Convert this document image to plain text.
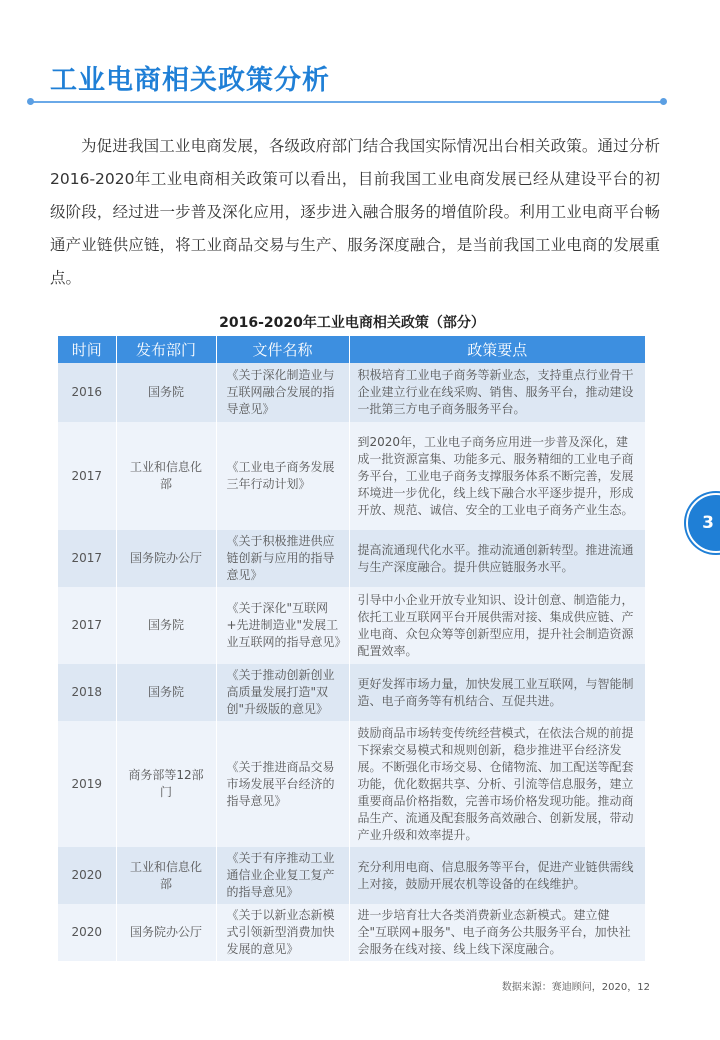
工业电商相关政策分析
为促进我国工业电商发展，各级政府部门结合我国实际情况出台相关政策。通过分析2016-2020年工业电商相关政策可以看出，目前我国工业电商发展已经从建设平台的初级阶段，经过进一步普及深化应用，逐步进入融合服务的增值阶段。利用工业电商平台畅通产业链供应链，将工业商品交易与生产、服务深度融合，是当前我国工业电商的发展重点。
2016-2020年工业电商相关政策（部分）
时间	发布部门	文件名称	政策要点
2016	国务院	《关于深化制造业与互联网融合发展的指导意见》	积极培育工业电子商务等新业态，支持重点行业骨干企业建立行业在线采购、销售、服务平台，推动建设一批第三方电子商务服务平台。
2017	工业和信息化部	《工业电子商务发展三年行动计划》	到2020年，工业电子商务应用进一步普及深化，建成一批资源富集、功能多元、服务精细的工业电子商务平台，工业电子商务支撑服务体系不断完善，发展环境进一步优化，线上线下融合水平逐步提升，形成开放、规范、诚信、安全的工业电子商务产业生态。
2017	国务院办公厅	《关于积极推进供应链创新与应用的指导意见》	提高流通现代化水平。推动流通创新转型。推进流通与生产深度融合。提升供应链服务水平。
2017	国务院	《关于深化"互联网+先进制造业"发展工业互联网的指导意见》	引导中小企业开放专业知识、设计创意、制造能力，依托工业互联网平台开展供需对接、集成供应链、产业电商、众包众筹等创新型应用，提升社会制造资源配置效率。
2018	国务院	《关于推动创新创业高质量发展打造"双创"升级版的意见》	更好发挥市场力量，加快发展工业互联网，与智能制造、电子商务等有机结合、互促共进。
2019	商务部等12部门	《关于推进商品交易市场发展平台经济的指导意见》	鼓励商品市场转变传统经营模式，在依法合规的前提下探索交易模式和规则创新，稳步推进平台经济发展。不断强化市场交易、仓储物流、加工配送等配套功能，优化数据共享、分析、引流等信息服务，建立重要商品价格指数，完善市场价格发现功能。推动商品生产、流通及配套服务高效融合、创新发展，带动产业升级和效率提升。
2020	工业和信息化部	《关于有序推动工业通信业企业复工复产的指导意见》	充分利用电商、信息服务等平台，促进产业链供需线上对接，鼓励开展农机等设备的在线维护。
2020	国务院办公厅	《关于以新业态新模式引领新型消费加快发展的意见》	进一步培育壮大各类消费新业态新模式。建立健全"互联网+服务"、电子商务公共服务平台，加快社会服务在线对接、线上线下深度融合。
数据来源：赛迪顾问，2020，12
3
